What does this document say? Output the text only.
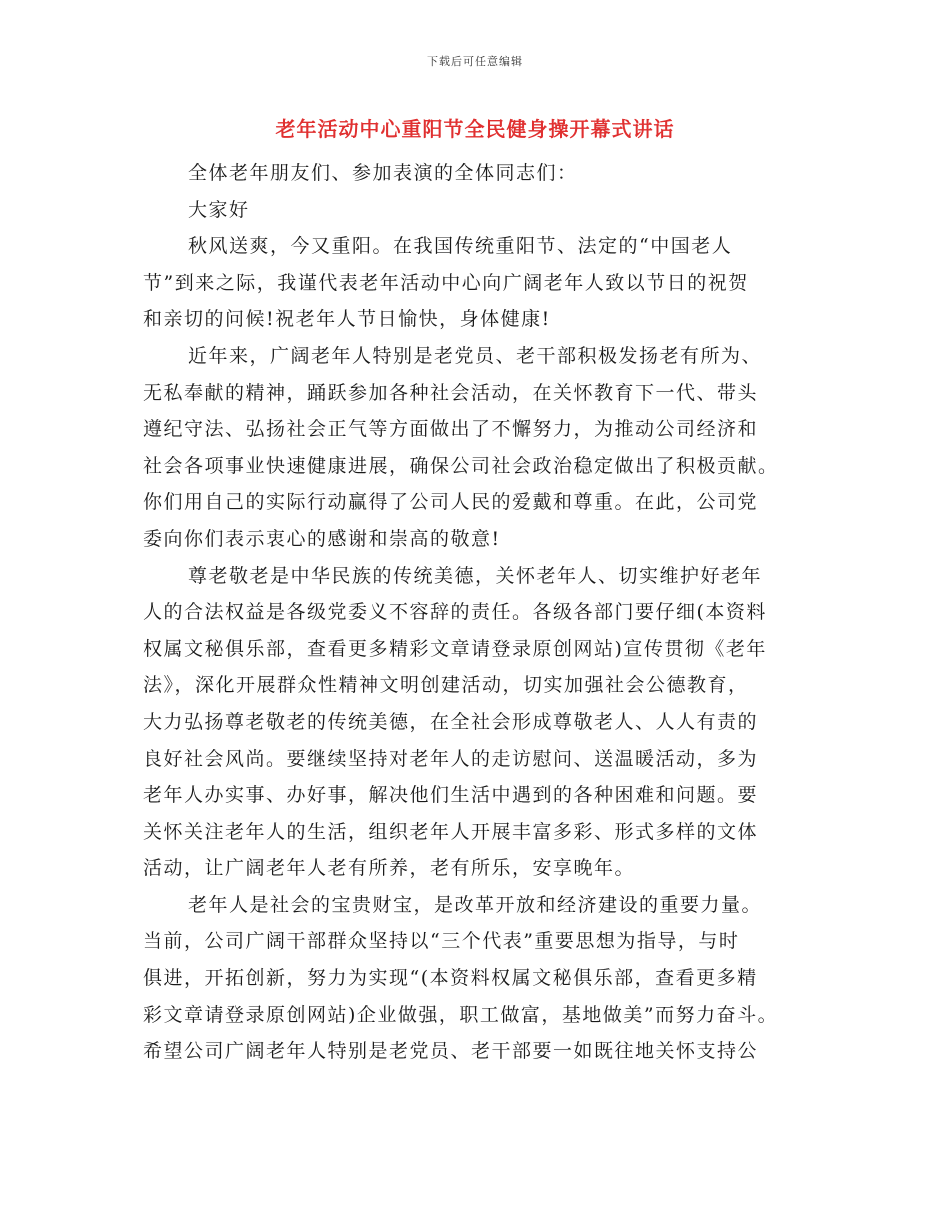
下载后可任意编辑
老年活动中心重阳节全民健身操开幕式讲话
全体老年朋友们、参加表演的全体同志们：
大家好
秋风送爽，今又重阳。在我国传统重阳节、法定的“中国老人
节”到来之际，我谨代表老年活动中心向广阔老年人致以节日的祝贺
和亲切的问候!祝老年人节日愉快，身体健康!
近年来，广阔老年人特别是老党员、老干部积极发扬老有所为、
无私奉献的精神，踊跃参加各种社会活动，在关怀教育下一代、带头
遵纪守法、弘扬社会正气等方面做出了不懈努力，为推动公司经济和
社会各项事业快速健康进展，确保公司社会政治稳定做出了积极贡献。
你们用自己的实际行动赢得了公司人民的爱戴和尊重。在此，公司党
委向你们表示衷心的感谢和崇高的敬意!
尊老敬老是中华民族的传统美德，关怀老年人、切实维护好老年
人的合法权益是各级党委义不容辞的责任。各级各部门要仔细(本资料
权属文秘俱乐部，查看更多精彩文章请登录原创网站)宣传贯彻《老年
法》，深化开展群众性精神文明创建活动，切实加强社会公德教育，
大力弘扬尊老敬老的传统美德，在全社会形成尊敬老人、人人有责的
良好社会风尚。要继续坚持对老年人的走访慰问、送温暖活动，多为
老年人办实事、办好事，解决他们生活中遇到的各种困难和问题。要
关怀关注老年人的生活，组织老年人开展丰富多彩、形式多样的文体
活动，让广阔老年人老有所养，老有所乐，安享晚年。
老年人是社会的宝贵财宝，是改革开放和经济建设的重要力量。
当前，公司广阔干部群众坚持以“三个代表”重要思想为指导，与时
俱进，开拓创新，努力为实现“(本资料权属文秘俱乐部，查看更多精
彩文章请登录原创网站)企业做强，职工做富，基地做美”而努力奋斗。
希望公司广阔老年人特别是老党员、老干部要一如既往地关怀支持公
